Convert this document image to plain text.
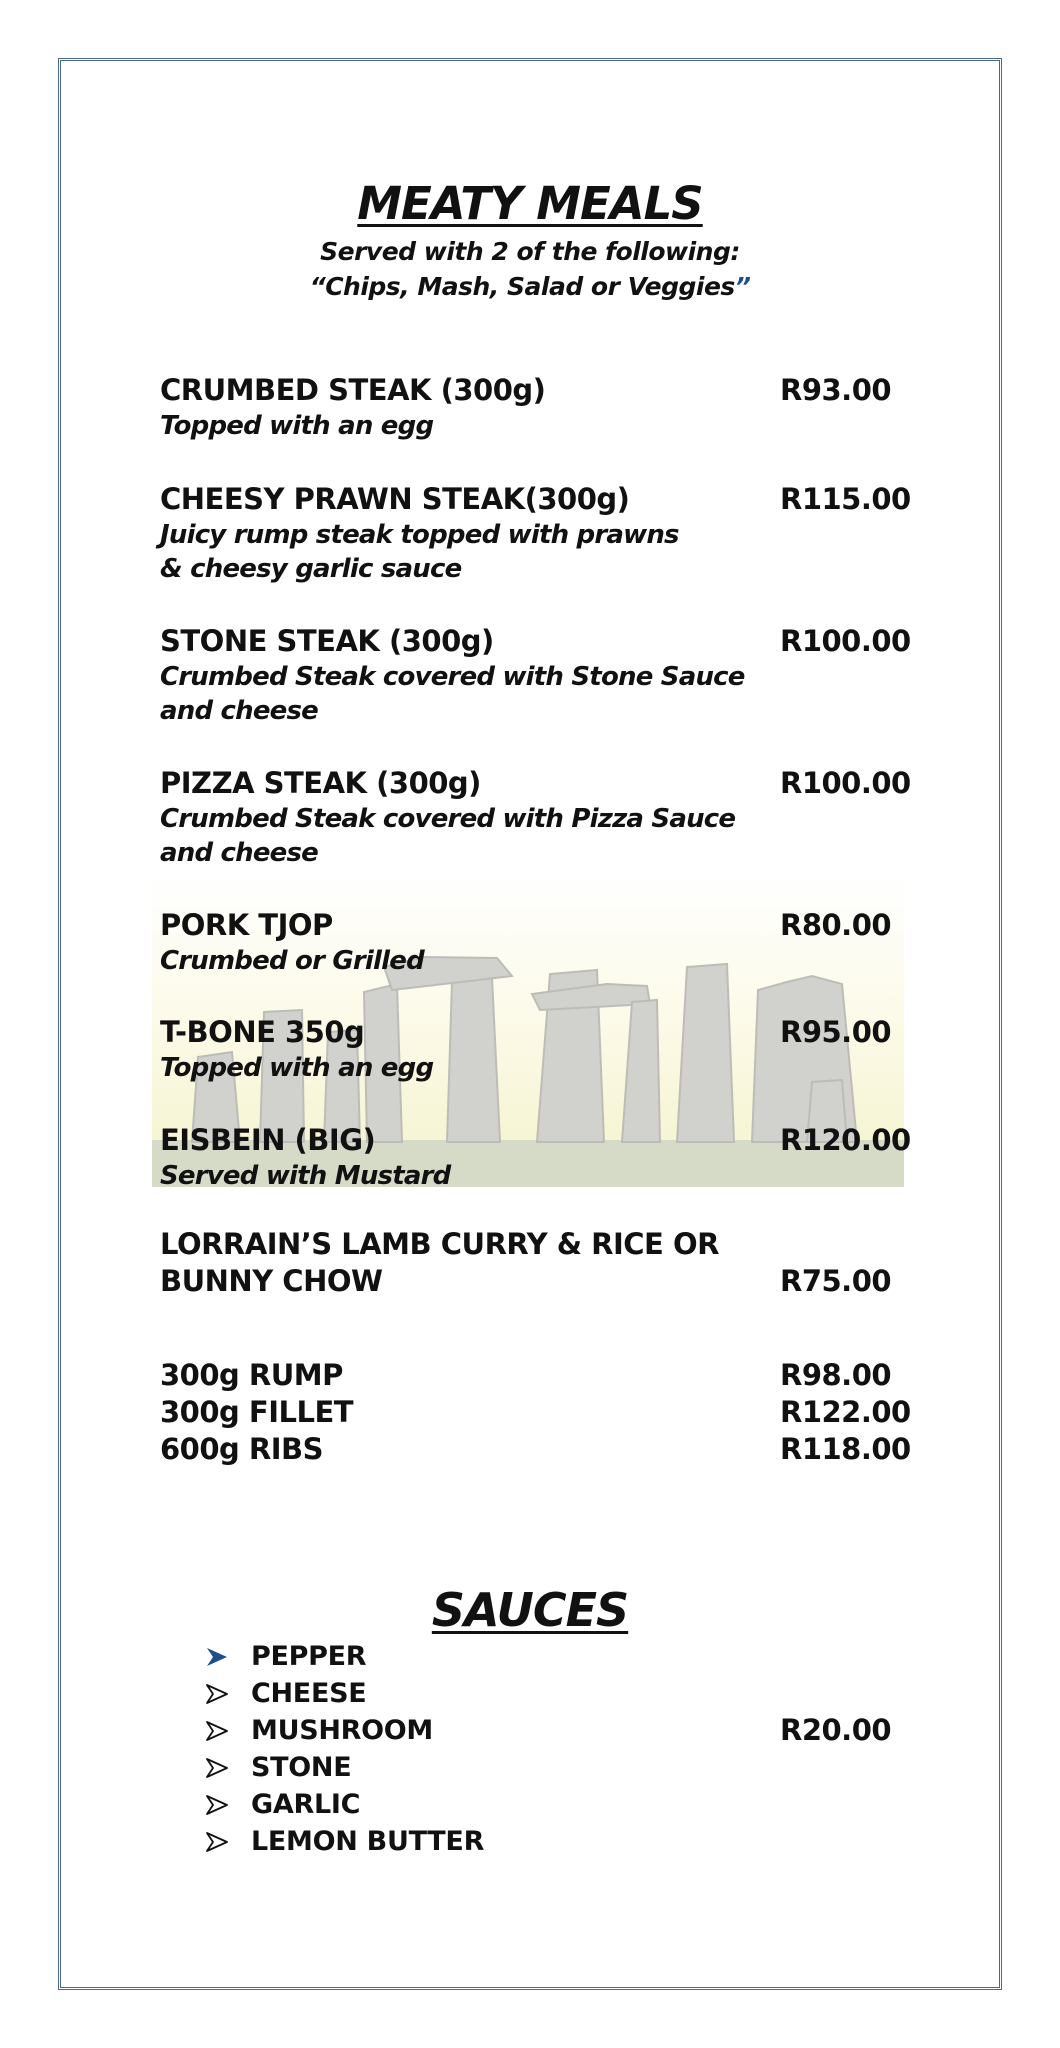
MEATY MEALS
Served with 2 of the following:
“Chips, Mash, Salad or Veggies”
CRUMBED STEAK (300g)	R93.00
Topped with an egg
CHEESY PRAWN STEAK(300g)	R115.00
Juicy rump steak topped with prawns
& cheesy garlic sauce
STONE STEAK (300g)	R100.00
Crumbed Steak covered with Stone Sauce
and cheese
PIZZA STEAK (300g)	R100.00
Crumbed Steak covered with Pizza Sauce
and cheese
PORK TJOP	R80.00
Crumbed or Grilled
T-BONE 350g	R95.00
Topped with an egg
EISBEIN (BIG)	R120.00
Served with Mustard
LORRAIN’S LAMB CURRY & RICE OR
BUNNY CHOW	R75.00
300g RUMP	R98.00
300g FILLET	R122.00
600g RIBS	R118.00
SAUCES
PEPPER
CHEESE
MUSHROOM
STONE
GARLIC
LEMON BUTTER
R20.00
